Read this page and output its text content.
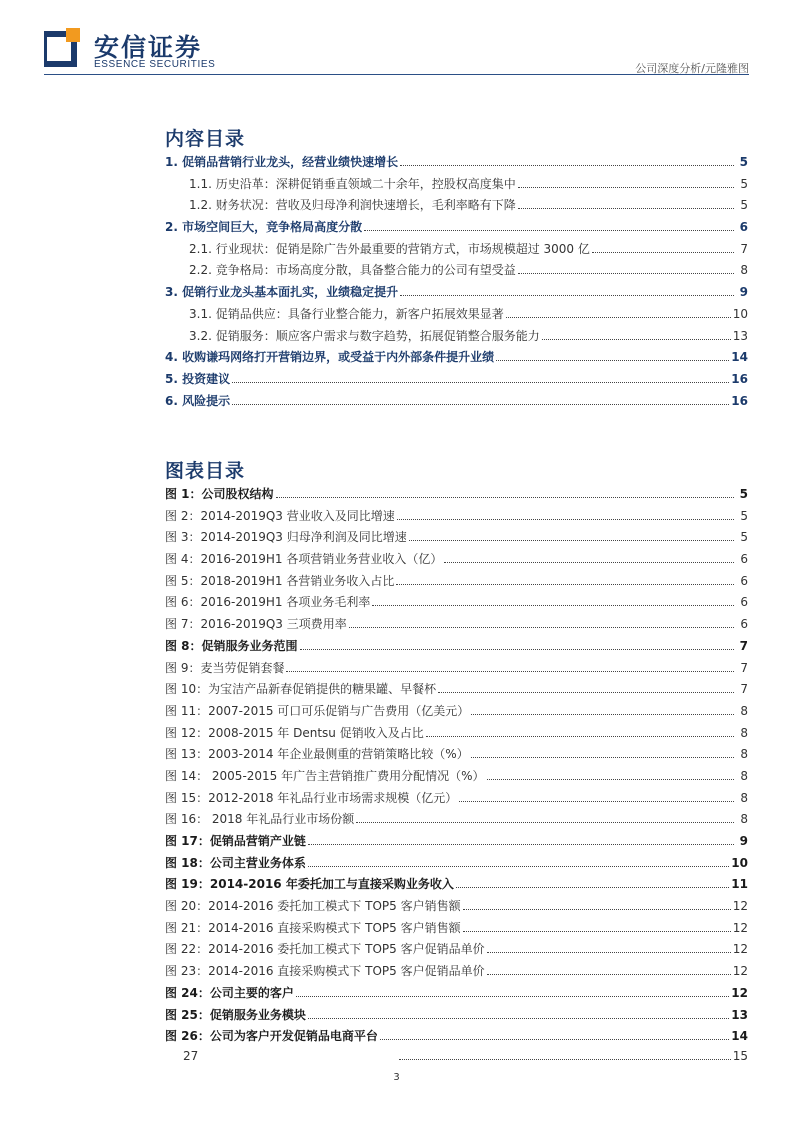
安信证券
ESSENCE SECURITIES	公司深度分析/元隆雅图
内容目录
1. 促销品营销行业龙头，经营业绩快速增长	5
1.1. 历史沿革：深耕促销垂直领域二十余年，控股权高度集中	5
1.2. 财务状况：营收及归母净利润快速增长，毛利率略有下降	5
2. 市场空间巨大，竞争格局高度分散	6
2.1. 行业现状：促销是除广告外最重要的营销方式，市场规模超过 3000 亿	7
2.2. 竞争格局：市场高度分散，具备整合能力的公司有望受益	8
3. 促销行业龙头基本面扎实，业绩稳定提升	9
3.1. 促销品供应：具备行业整合能力，新客户拓展效果显著	10
3.2. 促销服务：顺应客户需求与数字趋势，拓展促销整合服务能力	13
4. 收购谦玛网络打开营销边界，或受益于内外部条件提升业绩	14
5. 投资建议	16
6. 风险提示	16
图表目录
图 1：公司股权结构	5
图 2：2014-2019Q3 营业收入及同比增速	5
图 3：2014-2019Q3 归母净利润及同比增速	5
图 4：2016-2019H1 各项营销业务营业收入（亿）	6
图 5：2018-2019H1 各营销业务收入占比	6
图 6：2016-2019H1 各项业务毛利率	6
图 7：2016-2019Q3 三项费用率	6
图 8：促销服务业务范围	7
图 9：麦当劳促销套餐	7
图 10：为宝洁产品新春促销提供的糖果罐、早餐杯	7
图 11：2007-2015 可口可乐促销与广告费用（亿美元）	8
图 12：2008-2015 年 Dentsu 促销收入及占比	8
图 13：2003-2014 年企业最侧重的营销策略比较（%）	8
图 14： 2005-2015 年广告主营销推广费用分配情况（%）	8
图 15：2012-2018 年礼品行业市场需求规模（亿元）	8
图 16： 2018 年礼品行业市场份额	8
图 17：促销品营销产业链	9
图 18：公司主营业务体系	10
图 19：2014-2016 年委托加工与直接采购业务收入	11
图 20：2014-2016 委托加工模式下 TOP5 客户销售额	12
图 21：2014-2016 直接采购模式下 TOP5 客户销售额	12
图 22：2014-2016 委托加工模式下 TOP5 客户促销品单价	12
图 23：2014-2016 直接采购模式下 TOP5 客户促销品单价	12
图 24：公司主要的客户	12
图 25：促销服务业务模块	13
图 26：公司为客户开发促销品电商平台	14
27	15
3
